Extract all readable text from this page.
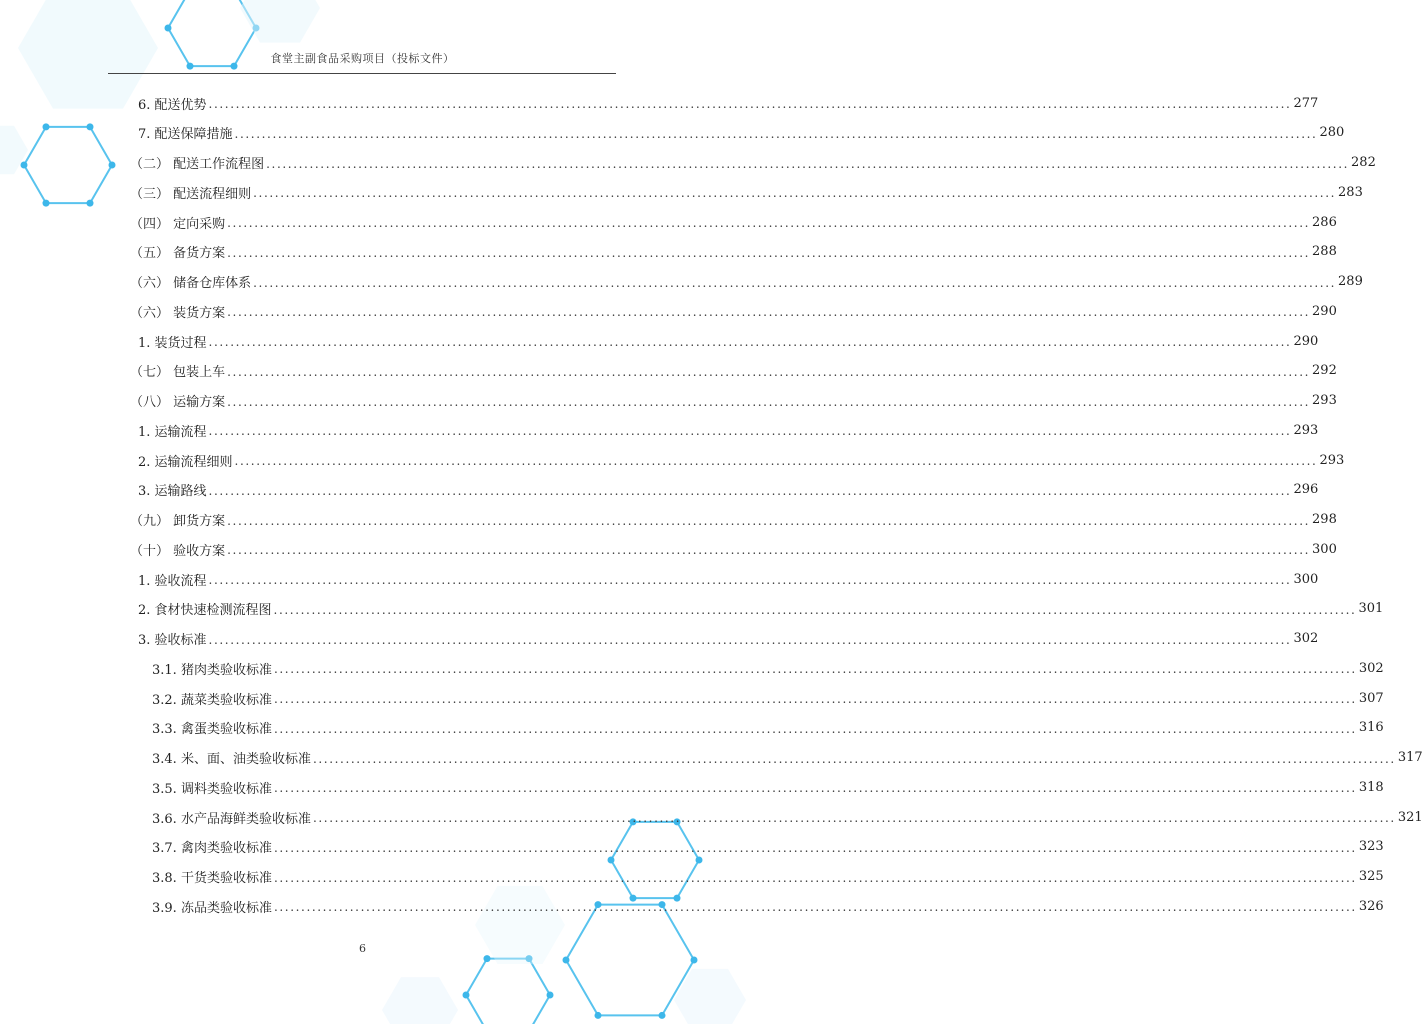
食堂主副食品采购项目（投标文件）
6. 配送优势 ........................................................................................................................................................................................................ 277
7. 配送保障措施 ........................................................................................................................................................................................................ 280
（二） 配送工作流程图 ........................................................................................................................................................................................................ 282
（三） 配送流程细则 ........................................................................................................................................................................................................ 283
（四） 定向采购 ........................................................................................................................................................................................................ 286
（五） 备货方案 ........................................................................................................................................................................................................ 288
（六） 储备仓库体系 ........................................................................................................................................................................................................ 289
（六） 装货方案 ........................................................................................................................................................................................................ 290
1. 装货过程 ........................................................................................................................................................................................................ 290
（七） 包装上车 ........................................................................................................................................................................................................ 292
（八） 运输方案 ........................................................................................................................................................................................................ 293
1. 运输流程 ........................................................................................................................................................................................................ 293
2. 运输流程细则 ........................................................................................................................................................................................................ 293
3. 运输路线 ........................................................................................................................................................................................................ 296
（九） 卸货方案 ........................................................................................................................................................................................................ 298
（十） 验收方案 ........................................................................................................................................................................................................ 300
1. 验收流程 ........................................................................................................................................................................................................ 300
2. 食材快速检测流程图 ........................................................................................................................................................................................................ 301
3. 验收标准 ........................................................................................................................................................................................................ 302
3.1. 猪肉类验收标准 ........................................................................................................................................................................................................ 302
3.2. 蔬菜类验收标准 ........................................................................................................................................................................................................ 307
3.3. 禽蛋类验收标准 ........................................................................................................................................................................................................ 316
3.4. 米、面、油类验收标准 ........................................................................................................................................................................................................ 317
3.5. 调料类验收标准 ........................................................................................................................................................................................................ 318
3.6. 水产品海鲜类验收标准 ........................................................................................................................................................................................................ 321
3.7. 禽肉类验收标准 ........................................................................................................................................................................................................ 323
3.8. 干货类验收标准 ........................................................................................................................................................................................................ 325
3.9. 冻品类验收标准 ........................................................................................................................................................................................................ 326
6
